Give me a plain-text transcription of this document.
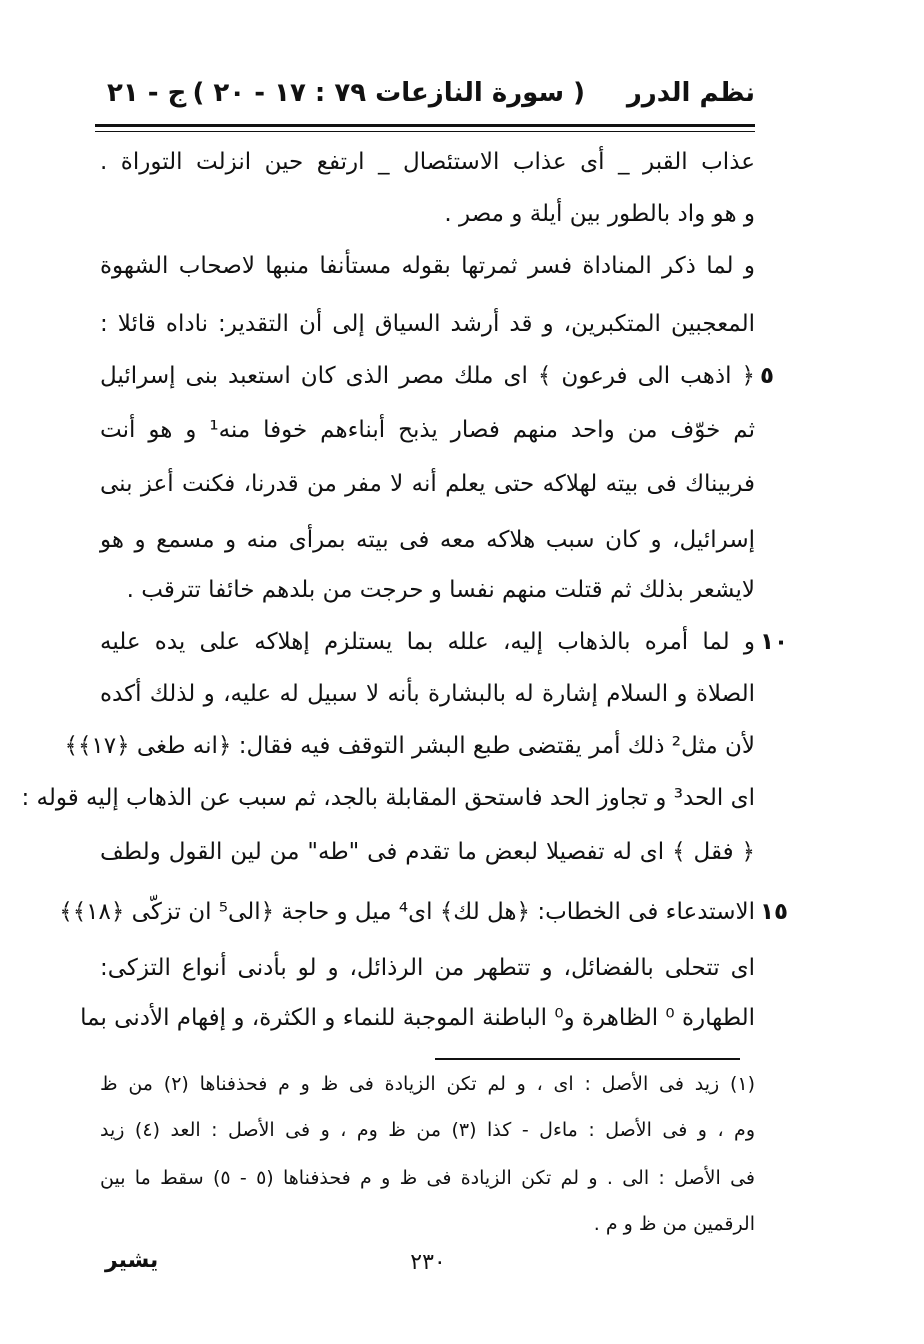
نظم الدرر
( سورة النازعات ٧٩ : ١٧ - ٢٠ )
ج - ٢١
عذاب القبر _ أى عذاب الاستئصال _ ارتفع حين انزلت التوراة .
و هو واد بالطور بين أيلة و مصر .
و لما ذكر المناداة فسر ثمرتها بقوله مستأنفا منبها لاصحاب الشهوة
المعجبين المتكبرين، و قد أرشد السياق إلى أن التقدير: ناداه قائلا :
﴿ اذهب الى فرعون ﴾ اى ملك مصر الذى كان استعبد بنى إسرائيل
ثم خوّف من واحد منهم فصار يذبح أبناءهم خوفا منه¹ و هو أنت
فربيناك فى بيته لهلاكه حتى يعلم أنه لا مفر من قدرنا، فكنت أعز بنى
إسرائيل، و كان سبب هلاكه معه فى بيته بمرأى منه و مسمع و هو
لايشعر بذلك ثم قتلت منهم نفسا و حرجت من بلدهم خائفا تترقب .
و لما أمره بالذهاب إليه، علله بما يستلزم إهلاكه على يده عليه
الصلاة و السلام إشارة له بالبشارة بأنه لا سبيل له عليه، و لذلك أكده
لأن مثل² ذلك أمر يقتضى طبع البشر التوقف فيه فقال: ﴿انه طغى ﴿١٧﴾﴾
اى الحد³ و تجاوز الحد فاستحق المقابلة بالجد، ثم سبب عن الذهاب إليه قوله :
﴿ فقل ﴾ اى له تفصيلا لبعض ما تقدم فى "طه" من لين القول ولطف
الاستدعاء فى الخطاب: ﴿هل لك﴾ اى⁴ ميل و حاجة ﴿الى⁵ ان تزكّى ﴿١٨﴾﴾
اى تتحلى بالفضائل، و تتطهر من الرذائل، و لو بأدنى أنواع التزكى:
الطهارة ⁰ الظاهرة و⁰ الباطنة الموجبة للنماء و الكثرة، و إفهام الأدنى بما
٥
١٠
١٥
(١) زيد فى الأصل : اى ، و لم تكن الزيادة فى ظ و م فحذفناها (٢) من ظ
وم ، و فى الأصل : ماءل - كذا (٣) من ظ وم ، و فى الأصل : العد (٤) زيد
فى الأصل : الى . و لم تكن الزيادة فى ظ و م فحذفناها (٥ - ٥) سقط ما بين
الرقمين من ظ و م .
٢٣٠
يشير
